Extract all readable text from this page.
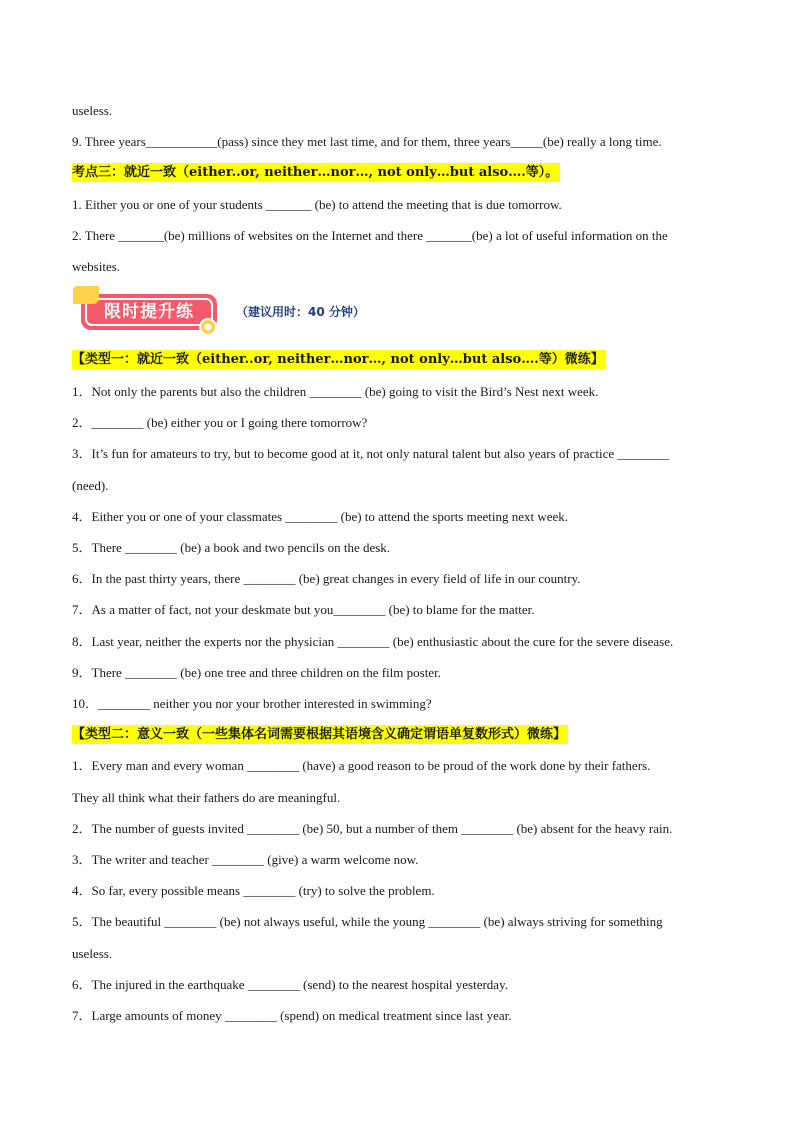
useless.
9. Three years___________(pass) since they met last time, and for them, three years_____(be) really a long time.
考点三：就近一致（either..or, neither…nor…, not only…but also….等）。
1. Either you or one of your students _______ (be) to attend the meeting that is due tomorrow.
2. There _______(be) millions of websites on the Internet and there _______(be) a lot of useful information on the
websites.
限时提升练	（建议用时：40 分钟）
【类型一：就近一致（either..or, neither…nor…, not only…but also….等）微练】
1．Not only the parents but also the children ________ (be) going to visit the Bird’s Nest next week.
2．________ (be) either you or I going there tomorrow?
3．It’s fun for amateurs to try, but to become good at it, not only natural talent but also years of practice ________
(need).
4．Either you or one of your classmates ________ (be) to attend the sports meeting next week.
5．There ________ (be) a book and two pencils on the desk.
6．In the past thirty years, there ________ (be) great changes in every field of life in our country.
7．As a matter of fact, not your deskmate but you________ (be) to blame for the matter.
8．Last year, neither the experts nor the physician ________ (be) enthusiastic about the cure for the severe disease.
9．There ________ (be) one tree and three children on the film poster.
10．________ neither you nor your brother interested in swimming?
【类型二：意义一致（一些集体名词需要根据其语境含义确定谓语单复数形式）微练】
1．Every man and every woman ________ (have) a good reason to be proud of the work done by their fathers.
They all think what their fathers do are meaningful.
2．The number of guests invited ________ (be) 50, but a number of them ________ (be) absent for the heavy rain.
3．The writer and teacher ________ (give) a warm welcome now.
4．So far, every possible means ________ (try) to solve the problem.
5．The beautiful ________ (be) not always useful, while the young ________ (be) always striving for something
useless.
6．The injured in the earthquake ________ (send) to the nearest hospital yesterday.
7．Large amounts of money ________ (spend) on medical treatment since last year.
